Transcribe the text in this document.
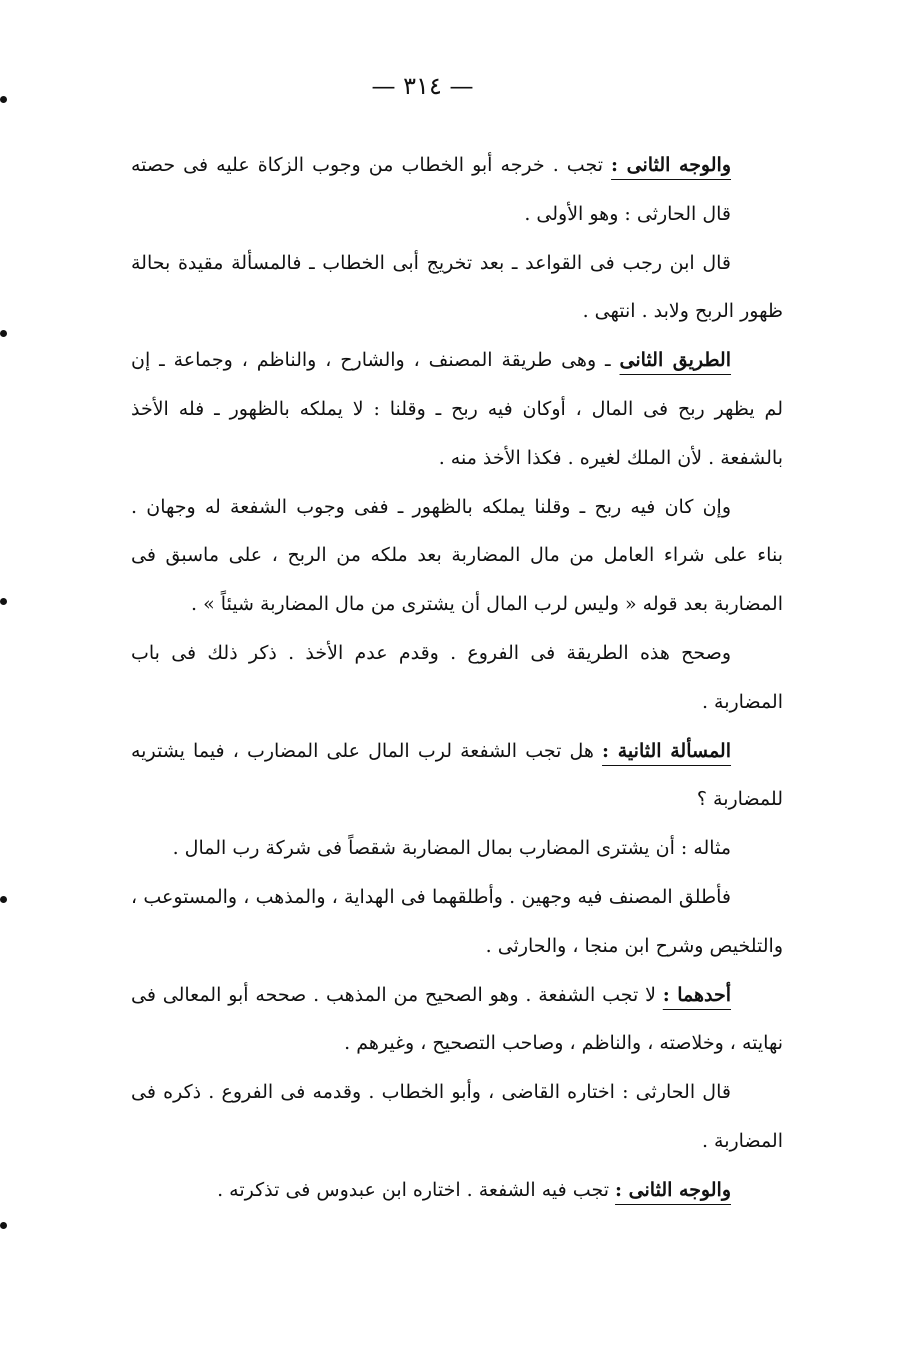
— ٣١٤ —
والوجه الثانى : تجب . خرجه أبو الخطاب من وجوب الزكاة عليه فى حصته
قال الحارثى : وهو الأولى .
قال ابن رجب فى القواعد ـ بعد تخريج أبى الخطاب ـ فالمسألة مقيدة بحالة
ظهور الربح ولابد . انتهى .
الطريق الثانى ـ وهى طريقة المصنف ، والشارح ، والناظم ، وجماعة ـ إن
لم يظهر ربح فى المال ، أوكان فيه ربح ـ وقلنا : لا يملكه بالظهور ـ فله الأخذ
بالشفعة . لأن الملك لغيره . فكذا الأخذ منه .
وإن كان فيه ربح ـ وقلنا يملكه بالظهور ـ ففى وجوب الشفعة له وجهان .
بناء على شراء العامل من مال المضاربة بعد ملكه من الربح ، على ماسبق فى
المضاربة بعد قوله « وليس لرب المال أن يشترى من مال المضاربة شيئاً » .
وصحح هذه الطريقة فى الفروع . وقدم عدم الأخذ . ذكر ذلك فى باب
المضاربة .
المسألة الثانية : هل تجب الشفعة لرب المال على المضارب ، فيما يشتريه
للمضاربة ؟
مثاله : أن يشترى المضارب بمال المضاربة شقصاً فى شركة رب المال .
فأطلق المصنف فيه وجهين . وأطلقهما فى الهداية ، والمذهب ، والمستوعب ،
والتلخيص وشرح ابن منجا ، والحارثى .
أحدهما : لا تجب الشفعة . وهو الصحيح من المذهب . صححه أبو المعالى فى
نهايته ، وخلاصته ، والناظم ، وصاحب التصحيح ، وغيرهم .
قال الحارثى : اختاره القاضى ، وأبو الخطاب . وقدمه فى الفروع . ذكره فى
المضاربة .
والوجه الثانى : تجب فيه الشفعة . اختاره ابن عبدوس فى تذكرته .
